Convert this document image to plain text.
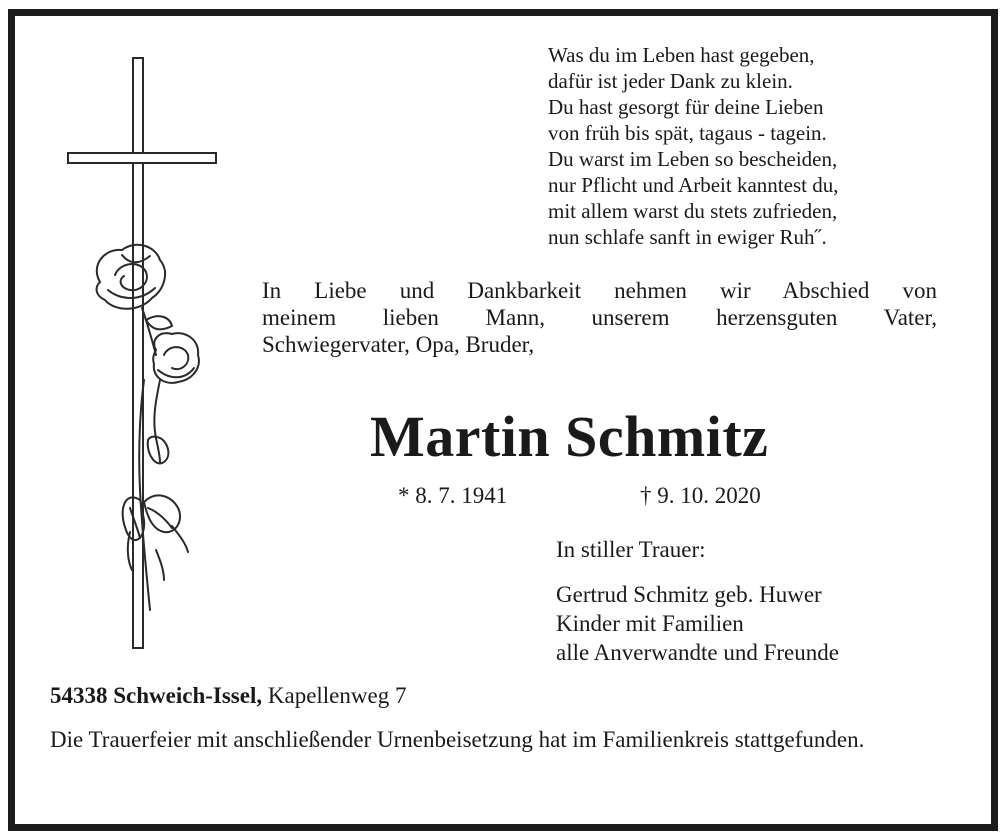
Was du im Leben hast gegeben,
dafür ist jeder Dank zu klein.
Du hast gesorgt für deine Lieben
von früh bis spät, tagaus - tagein.
Du warst im Leben so bescheiden,
nur Pflicht und Arbeit kanntest du,
mit allem warst du stets zufrieden,
nun schlafe sanft in ewiger Ruh˝.
In Liebe und Dankbarkeit nehmen wir Abschied von
meinem lieben Mann, unserem herzensguten Vater,
Schwiegervater, Opa, Bruder,
Martin Schmitz
* 8. 7. 1941	† 9. 10. 2020
In stiller Trauer:
Gertrud Schmitz geb. Huwer
Kinder mit Familien
alle Anverwandte und Freunde
54338 Schweich-Issel, Kapellenweg 7
Die Trauerfeier mit anschließender Urnenbeisetzung hat im Familienkreis stattgefunden.
